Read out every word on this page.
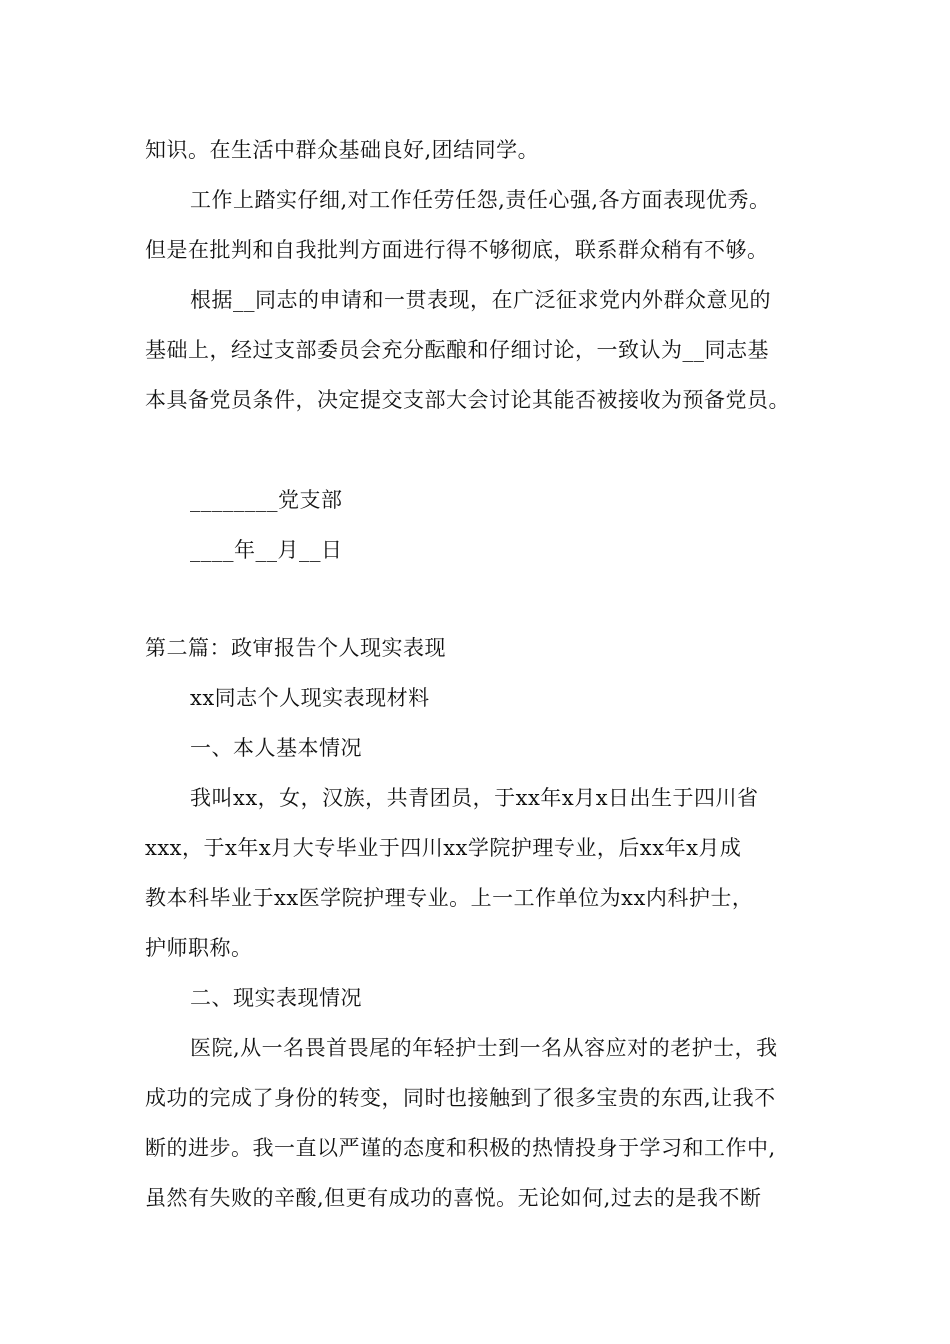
知识。在生活中群众基础良好,团结同学。
工作上踏实仔细,对工作任劳任怨,责任心强,各方面表现优秀。
但是在批判和自我批判方面进行得不够彻底，联系群众稍有不够。
根据__同志的申请和一贯表现，在广泛征求党内外群众意见的
基础上，经过支部委员会充分酝酿和仔细讨论，一致认为__同志基
本具备党员条件，决定提交支部大会讨论其能否被接收为预备党员。
________党支部
____年__月__日
第二篇：政审报告个人现实表现
xx同志个人现实表现材料
一、本人基本情况
我叫xx，女，汉族，共青团员，于xx年x月x日出生于四川省
xxx，于x年x月大专毕业于四川xx学院护理专业，后xx年x月成
教本科毕业于xx医学院护理专业。上一工作单位为xx内科护士，
护师职称。
二、现实表现情况
医院,从一名畏首畏尾的年轻护士到一名从容应对的老护士，我
成功的完成了身份的转变，同时也接触到了很多宝贵的东西,让我不
断的进步。我一直以严谨的态度和积极的热情投身于学习和工作中,
虽然有失败的辛酸,但更有成功的喜悦。无论如何,过去的是我不断
